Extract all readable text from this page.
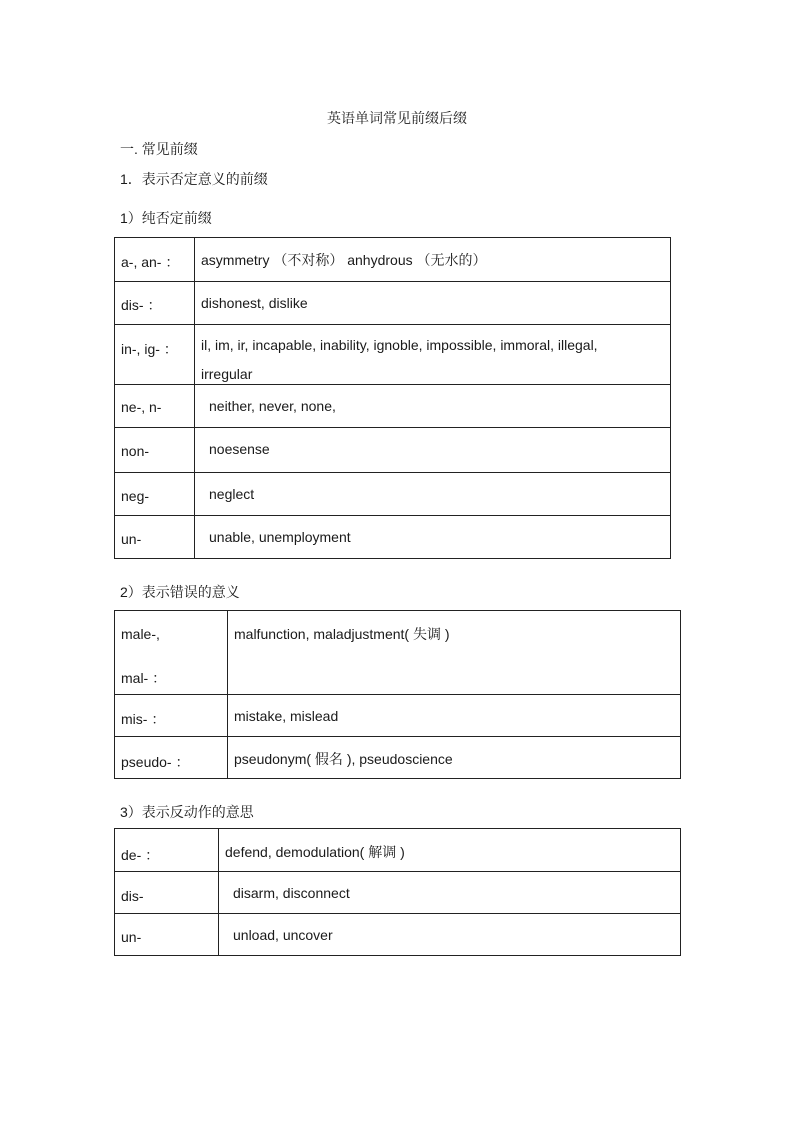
英语单词常见前缀后缀
一. 常见前缀
1．表示否定意义的前缀
1）纯否定前缀
a-, an- ：	asymmetry （不对称） anhydrous （无水的）
dis- ：	dishonest, dislike
in-, ig- ：	il, im, ir, incapable, inability, ignoble, impossible, immoral, illegal,
irregular

ne-, n-	neither, never, none,
non-	noesense
neg-	neglect
un-	unable, unemployment
2）表示错误的意义
male-,
mal- ：	malfunction, maladjustment( 失调 )
mis- ：	mistake, mislead
pseudo- ：	pseudonym( 假名 ), pseudoscience
3）表示反动作的意思
de- ：	defend, demodulation( 解调 )
dis-	disarm, disconnect
un-	unload, uncover
